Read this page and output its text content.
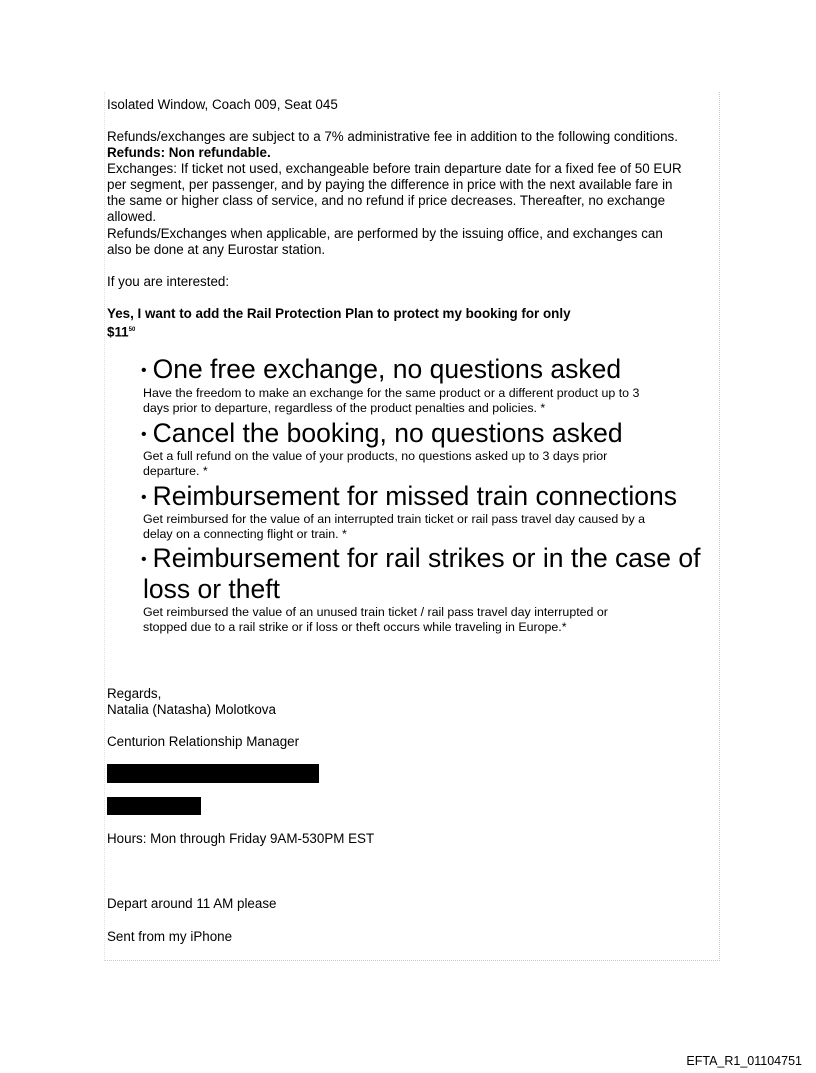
Isolated Window, Coach 009, Seat 045

Refunds/exchanges are subject to a 7% administrative fee in addition to the following conditions.

Refunds: Non refundable.

Exchanges: If ticket not used, exchangeable before train departure date for a fixed fee of 50 EUR

per segment, per passenger, and by paying the difference in price with the next available fare in

the same or higher class of service, and no refund if price decreases. Thereafter, no exchange

allowed.

Refunds/Exchanges when applicable, are performed by the issuing office, and exchanges can

also be done at any Eurostar station.

If you are interested:

Yes, I want to add the Rail Protection Plan to protect my booking for only

$\$11^{50}$

• One free exchange, no questions asked

Have the freedom to make an exchange for the same product or a different product up to 3

days prior to departure, regardless of the product penalties and policies. *

• Cancel the booking, no questions asked

Get a full refund on the value of your products, no questions asked up to 3 days prior

departure. *

• Reimbursement for missed train connections

Get reimbursed for the value of an interrupted train ticket or rail pass travel day caused by a

delay on a connecting flight or train. *

• Reimbursement for rail strikes or in the case of

loss or theft

Get reimbursed the value of an unused train ticket / rail pass travel day interrupted or

stopped due to a rail strike or if loss or theft occurs while traveling in Europe.*

Regards,

Natalia (Natasha) Molotkova

Centurion Relationship Manager

Hours: Mon through Friday 9AM-530PM EST

Depart around 11 AM please

Sent from my iPhone

EFTA_R1_01104751
